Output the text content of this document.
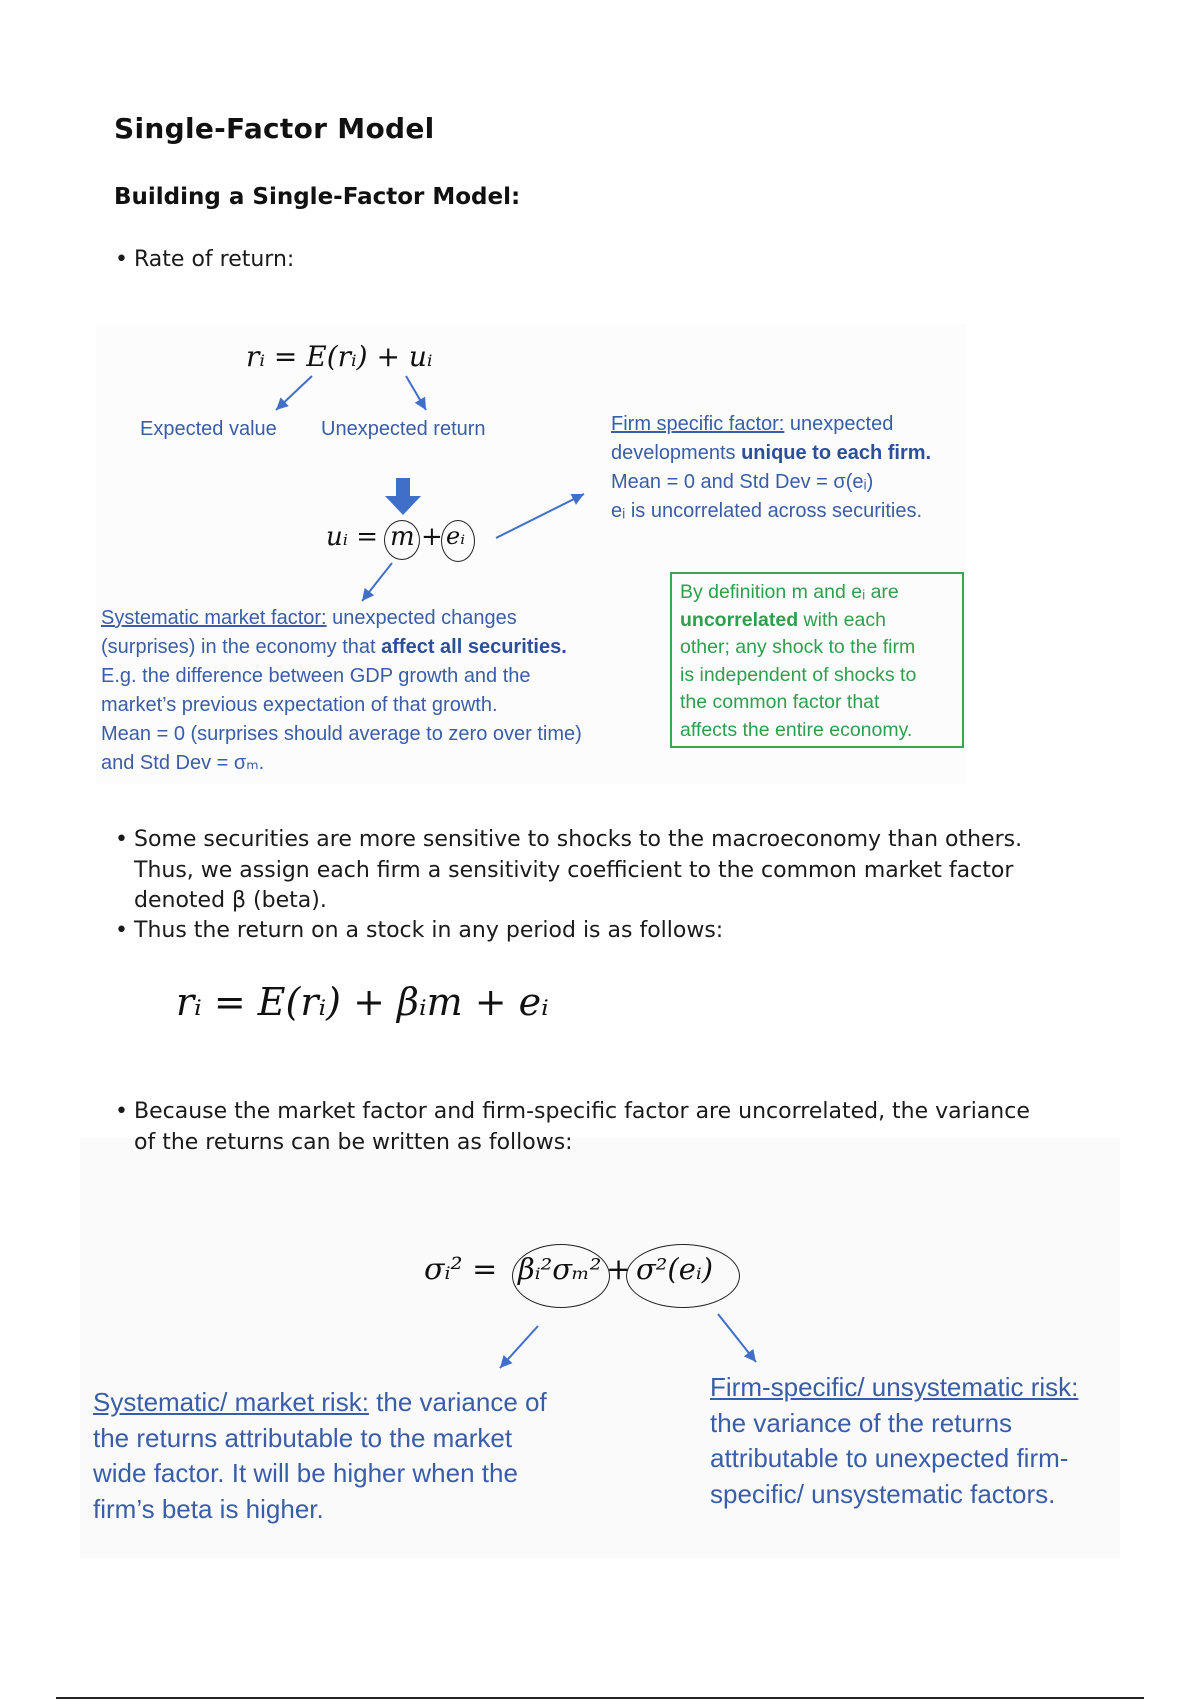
Single-Factor Model
Building a Single-Factor Model:
• Rate of return:
rᵢ = E(rᵢ) + uᵢ
Expected value Unexpected return
uᵢ = m + eᵢ
Firm specific factor: unexpected
developments unique to each firm.
Mean = 0 and Std Dev = σ(eᵢ)
eᵢ is uncorrelated across securities.
Systematic market factor: unexpected changes
(surprises) in the economy that affect all securities.
E.g. the difference between GDP growth and the
market’s previous expectation of that growth.
Mean = 0 (surprises should average to zero over time)
and Std Dev = σₘ.
By definition m and eᵢ are
uncorrelated with each
other; any shock to the firm
is independent of shocks to
the common factor that
affects the entire economy.
• Some securities are more sensitive to shocks to the macroeconomy than others.
Thus, we assign each firm a sensitivity coefficient to the common market factor
denoted β (beta).
• Thus the return on a stock in any period is as follows:
rᵢ = E(rᵢ) + βᵢm + eᵢ
• Because the market factor and firm-specific factor are uncorrelated, the variance
of the returns can be written as follows:
σᵢ² = βᵢ²σₘ² + σ²(eᵢ)
Systematic/ market risk: the variance of
the returns attributable to the market
wide factor. It will be higher when the
firm’s beta is higher.
Firm-specific/ unsystematic risk:
the variance of the returns
attributable to unexpected firm-
specific/ unsystematic factors.
